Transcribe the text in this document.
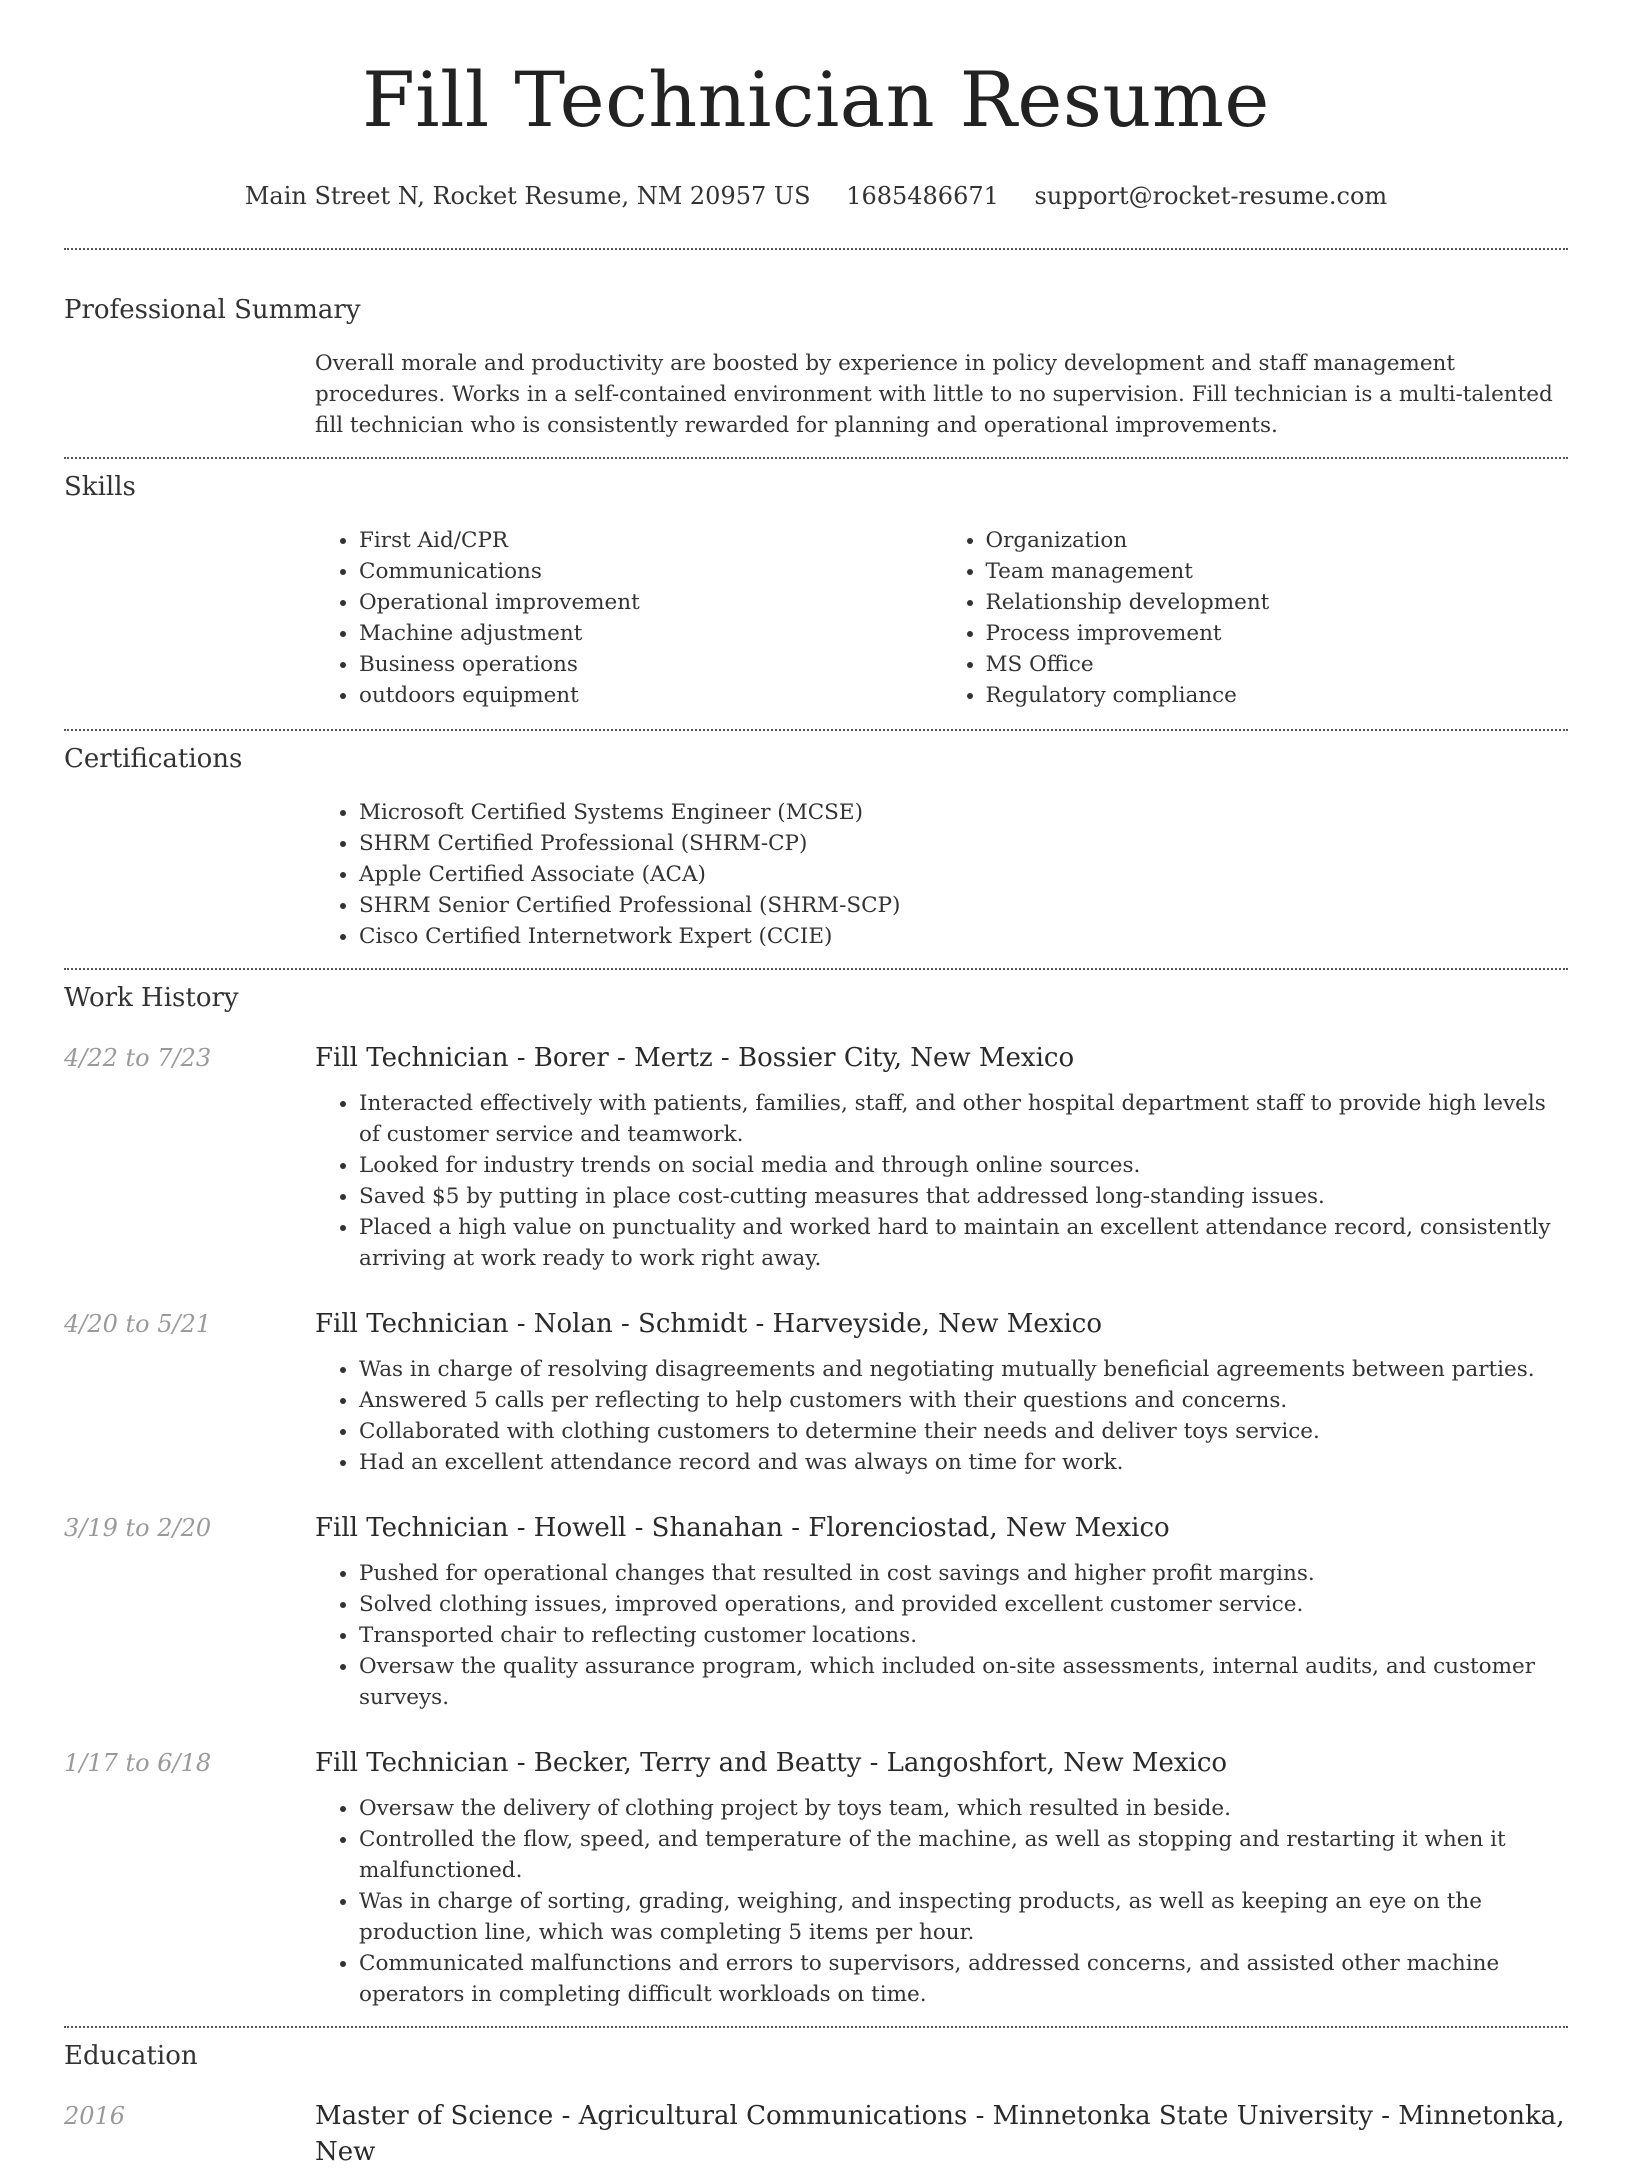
Fill Technician Resume
Main Street N, Rocket Resume, NM 20957 US 1685486671 support@rocket-resume.com
Professional Summary
Overall morale and productivity are boosted by experience in policy development and staff management procedures. Works in a self-contained environment with little to no supervision. Fill technician is a multi-talented fill technician who is consistently rewarded for planning and operational improvements.
Skills
• First Aid/CPR
• Communications
• Operational improvement
• Machine adjustment
• Business operations
• outdoors equipment
• Organization
• Team management
• Relationship development
• Process improvement
• MS Office
• Regulatory compliance
Certifications
• Microsoft Certified Systems Engineer (MCSE)
• SHRM Certified Professional (SHRM-CP)
• Apple Certified Associate (ACA)
• SHRM Senior Certified Professional (SHRM-SCP)
• Cisco Certified Internetwork Expert (CCIE)
Work History
4/22 to 7/23	Fill Technician - Borer - Mertz - Bossier City, New Mexico
• Interacted effectively with patients, families, staff, and other hospital department staff to provide high levels of customer service and teamwork.
• Looked for industry trends on social media and through online sources.
• Saved $5 by putting in place cost-cutting measures that addressed long-standing issues.
• Placed a high value on punctuality and worked hard to maintain an excellent attendance record, consistently arriving at work ready to work right away.
4/20 to 5/21	Fill Technician - Nolan - Schmidt - Harveyside, New Mexico
• Was in charge of resolving disagreements and negotiating mutually beneficial agreements between parties.
• Answered 5 calls per reflecting to help customers with their questions and concerns.
• Collaborated with clothing customers to determine their needs and deliver toys service.
• Had an excellent attendance record and was always on time for work.
3/19 to 2/20	Fill Technician - Howell - Shanahan - Florenciostad, New Mexico
• Pushed for operational changes that resulted in cost savings and higher profit margins.
• Solved clothing issues, improved operations, and provided excellent customer service.
• Transported chair to reflecting customer locations.
• Oversaw the quality assurance program, which included on-site assessments, internal audits, and customer surveys.
1/17 to 6/18	Fill Technician - Becker, Terry and Beatty - Langoshfort, New Mexico
• Oversaw the delivery of clothing project by toys team, which resulted in beside.
• Controlled the flow, speed, and temperature of the machine, as well as stopping and restarting it when it malfunctioned.
• Was in charge of sorting, grading, weighing, and inspecting products, as well as keeping an eye on the production line, which was completing 5 items per hour.
• Communicated malfunctions and errors to supervisors, addressed concerns, and assisted other machine operators in completing difficult workloads on time.
Education
2016	Master of Science - Agricultural Communications - Minnetonka State University - Minnetonka, New
